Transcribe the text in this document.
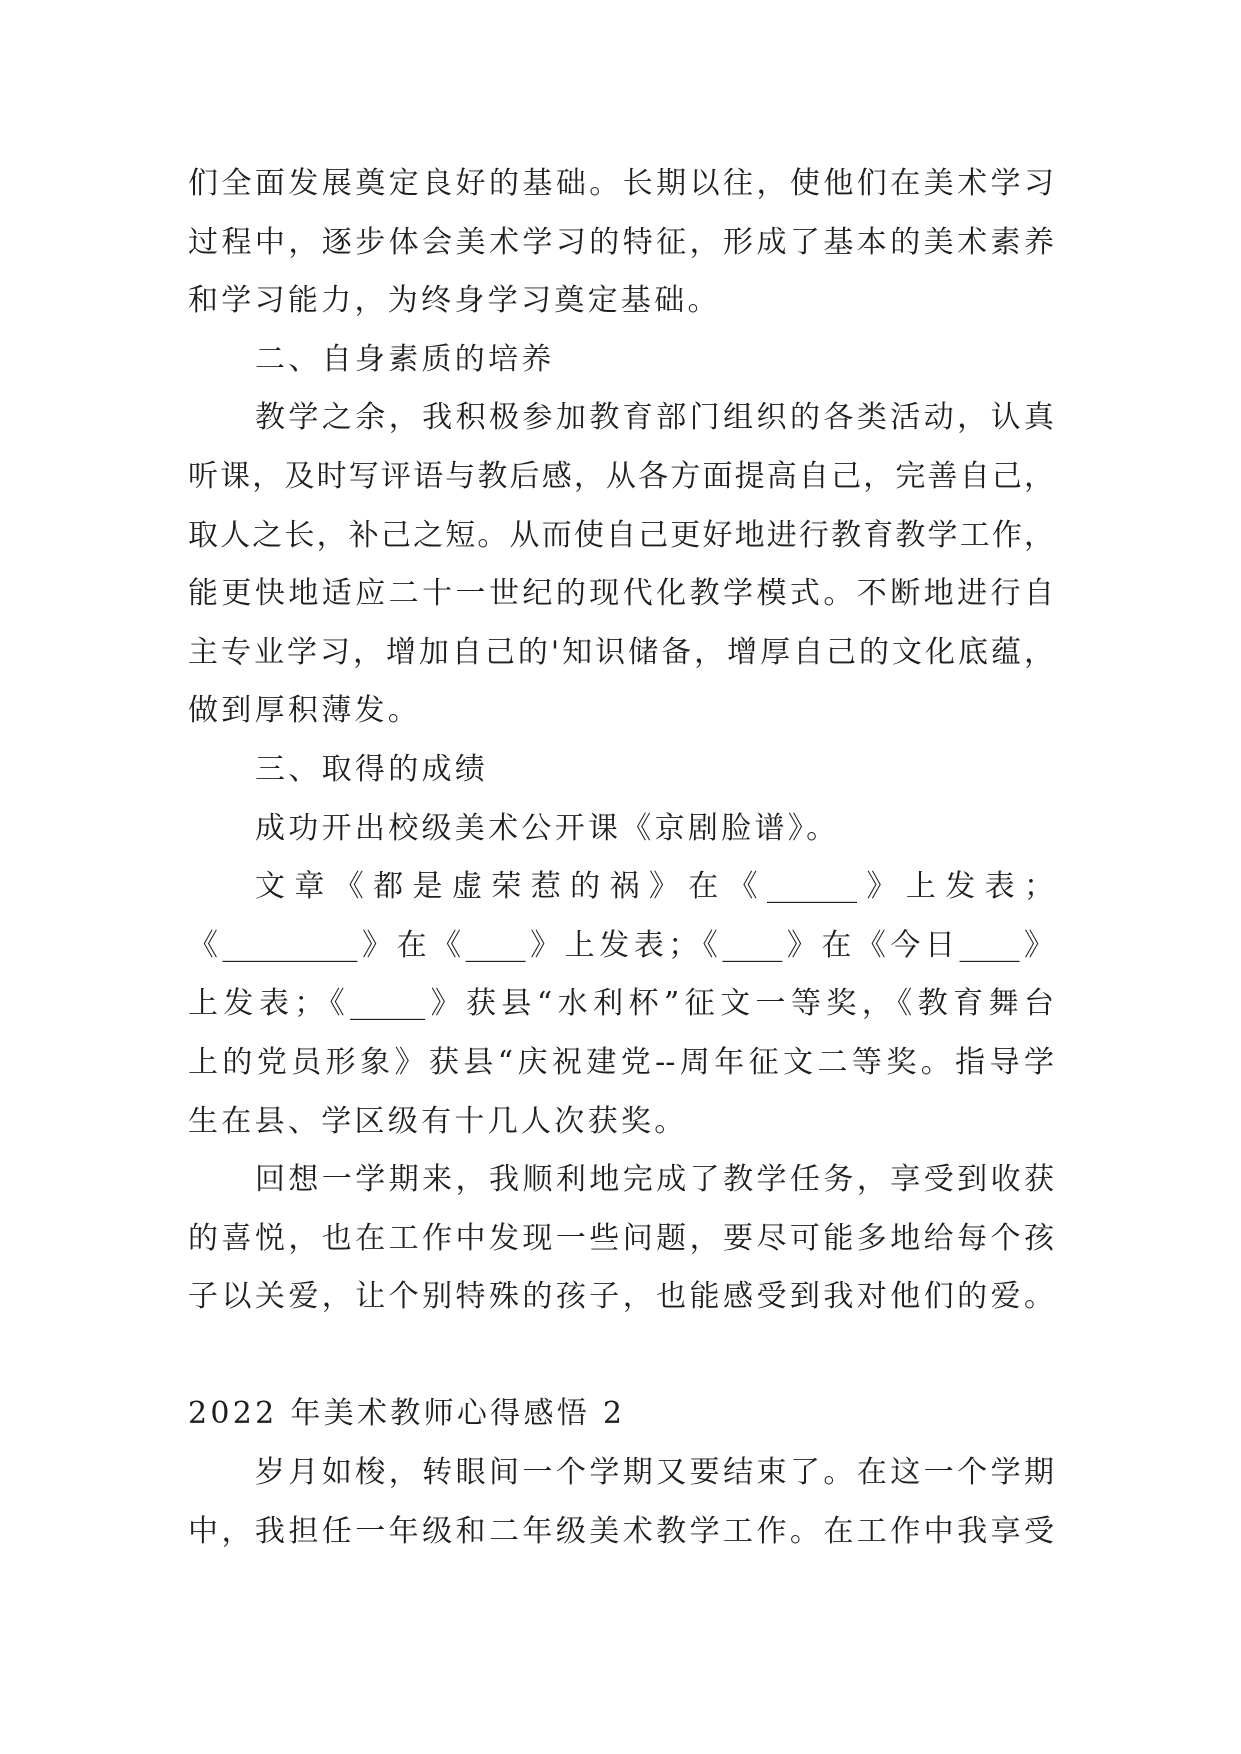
们全面发展奠定良好的基础。长期以往，使他们在美术学习
过程中，逐步体会美术学习的特征，形成了基本的美术素养
和学习能力，为终身学习奠定基础。
二、自身素质的培养
教学之余，我积极参加教育部门组织的各类活动，认真
听课，及时写评语与教后感，从各方面提高自己，完善自己，
取人之长，补己之短。从而使自己更好地进行教育教学工作，
能更快地适应二十一世纪的现代化教学模式。不断地进行自
主专业学习，增加自己的'知识储备，增厚自己的文化底蕴，
做到厚积薄发。
三、取得的成绩
成功开出校级美术公开课《京剧脸谱》。
文章《都是虚荣惹的祸》在《______》上发表；
《_________》在《____》上发表；《____》在《今日____》
上发表；《_____》获县“水利杯”征文一等奖，《教育舞台
上的党员形象》获县“庆祝建党--周年征文二等奖。指导学
生在县、学区级有十几人次获奖。
回想一学期来，我顺利地完成了教学任务，享受到收获
的喜悦，也在工作中发现一些问题，要尽可能多地给每个孩
子以关爱，让个别特殊的孩子，也能感受到我对他们的爱。
2022 年美术教师心得感悟 2
岁月如梭，转眼间一个学期又要结束了。在这一个学期
中，我担任一年级和二年级美术教学工作。在工作中我享受
